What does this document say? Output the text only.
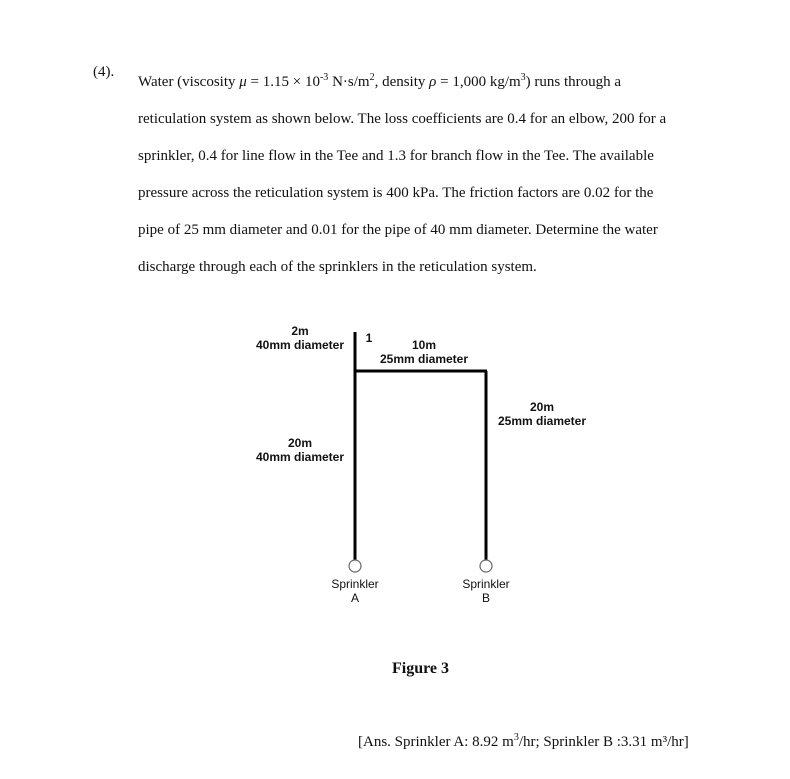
(4).
Water (viscosity $\mu = 1.15 \times 10^{-3}$ $N\cdot s/m^2$, density ρ = 1,000 $kg/m^3$) runs through a
reticulation system as shown below. The loss coefficients are 0.4 for an elbow, 200 for a
sprinkler, 0.4 for line flow in the Tee and 1.3 for branch flow in the Tee. The available
pressure across the reticulation system is 400 kPa. The friction factors are 0.02 for the
pipe of 25 mm diameter and 0.01 for the pipe of 40 mm diameter. Determine the water
discharge through each of the sprinklers in the reticulation system.
2m
40mm diameter	1	10m
25mm diameter
20m
25mm diameter
20m
40mm diameter
Sprinkler
A
Sprinkler
B
Figure 3
[Ans. Sprinkler A: 8.92 $m^3/hr$; Sprinkler B :3.31 m³/hr]
